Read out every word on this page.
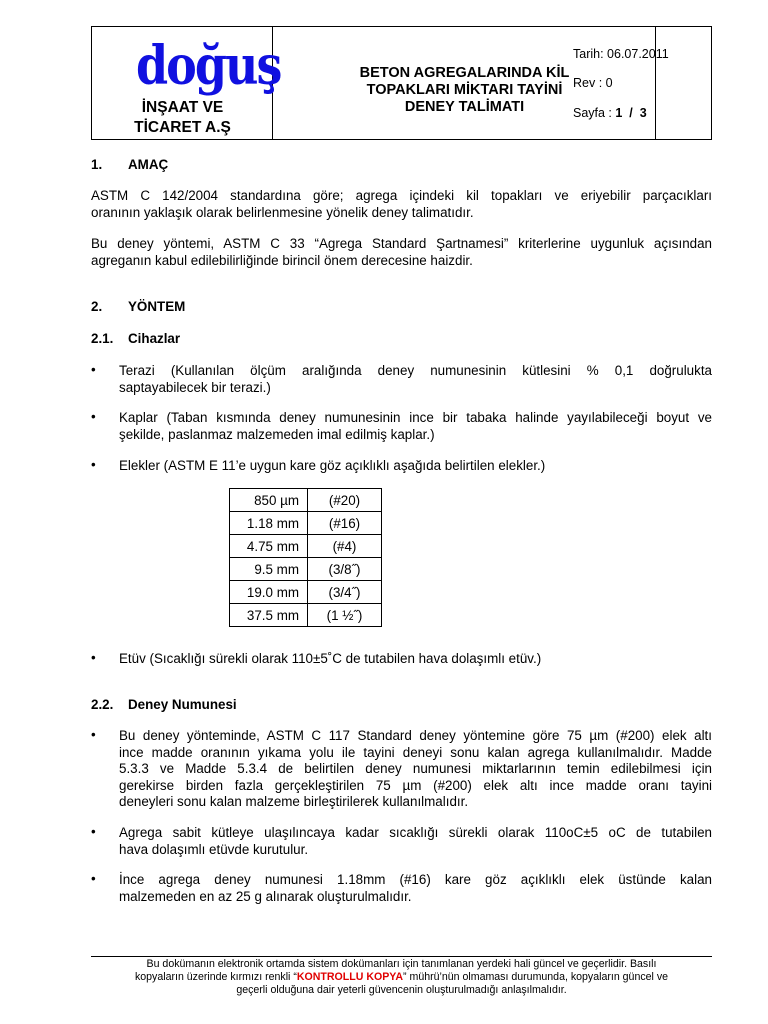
doğuş
İNŞAAT VE
TİCARET A.Ş
BETON AGREGALARINDA KİL
TOPAKLARI MİKTARI TAYİNİ
DENEY TALİMATI
Tarih: 06.07.2011
Rev : 0
Sayfa : 1  /  3
1. AMAÇ
ASTM C 142/2004 standardına göre; agrega içindeki kil topakları ve eriyebilir parçacıkları
oranının yaklaşık olarak belirlenmesine yönelik deney talimatıdır.
Bu deney yöntemi, ASTM C 33 “Agrega Standard Şartnamesi” kriterlerine uygunluk açısından
agreganın kabul edilebilirliğinde birincil önem derecesine haizdir.
2. YÖNTEM
2.1. Cihazlar
• Terazi (Kullanılan ölçüm aralığında deney numunesinin kütlesini % 0,1 doğrulukta
saptayabilecek bir terazi.)
• Kaplar (Taban kısmında deney numunesinin ince bir tabaka halinde yayılabileceği boyut ve
şekilde, paslanmaz malzemeden imal edilmiş kaplar.)
• Elekler (ASTM E 11’e uygun kare göz açıklıklı aşağıda belirtilen elekler.)
850 µm	(#20)
1.18 mm	(#16)
4.75 mm	(#4)
9.5 mm	(3/8˝)
19.0 mm	(3/4˝)
37.5 mm	(1 ½˝)
• Etüv (Sıcaklığı sürekli olarak 110±5˚C de tutabilen hava dolaşımlı etüv.)
2.2. Deney Numunesi
• Bu deney yönteminde, ASTM C 117 Standard deney yöntemine göre 75 µm (#200) elek altı
ince madde oranının yıkama yolu ile tayini deneyi sonu kalan agrega kullanılmalıdır. Madde
5.3.3 ve Madde 5.3.4 de belirtilen deney numunesi miktarlarının temin edilebilmesi için
gerekirse birden fazla gerçekleştirilen 75 µm (#200) elek altı ince madde oranı tayini
deneyleri sonu kalan malzeme birleştirilerek kullanılmalıdır.
• Agrega sabit kütleye ulaşılıncaya kadar sıcaklığı sürekli olarak 110oC±5 oC de tutabilen
hava dolaşımlı etüvde kurutulur.
• İnce agrega deney numunesi 1.18mm (#16) kare göz açıklıklı elek üstünde kalan
malzemeden en az 25 g alınarak oluşturulmalıdır.
Bu dokümanın elektronik ortamda sistem dokümanları için tanımlanan yerdeki hali güncel ve geçerlidir. Basılı
kopyaların üzerinde kırmızı renkli “KONTROLLU KOPYA” mührü’nün olmaması durumunda, kopyaların güncel ve
geçerli olduğuna dair yeterli güvencenin oluşturulmadığı anlaşılmalıdır.
